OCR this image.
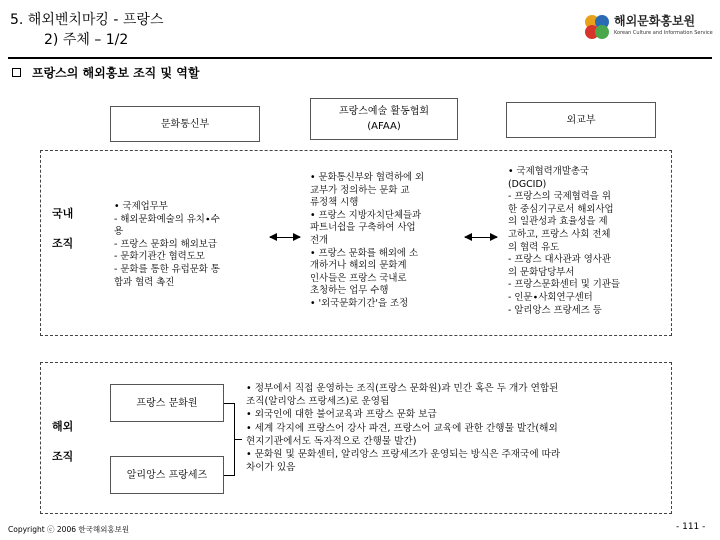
5. 해외벤치마킹 - 프랑스
2) 주체 – 1/2
해외문화홍보원
Korean Culture and Information Service
프랑스의 해외홍보 조직 및 역할
문화통신부
프랑스예술 활동협회
(AFAA)
외교부
국내
조직
• 국제업무부
- 해외문화예술의 유치∙수
용
- 프랑스 문화의 해외보급
- 문화기관간 협력도모
- 문화를 통한 유럽문화 통
합과 협력 촉진
• 문화통신부와 협력하에 외
교부가 정의하는 문화 교
류정책 시행
• 프랑스 지방자치단체들과
파트너쉽을 구축하여 사업
전개
• 프랑스 문화를 해외에 소
개하거나 해외의 문화계
인사들은 프랑스 국내로
초청하는 업무 수행
• '외국문화기간'을 조정
• 국제협력개발총국
(DGCID)
- 프랑스의 국제협력을 위
한 중심기구로서 해외사업
의 일관성과 효율성을 제
고하고, 프랑스 사회 전체
의 협력 유도
- 프랑스 대사관과 영사관
의 문화담당부서
- 프랑스문화센터 및 기관들
- 인문∙사회연구센터
- 알리앙스 프랑세즈 등
해외
조직
프랑스 문화원
알리앙스 프랑세즈
• 정부에서 직접 운영하는 조직(프랑스 문화원)과 민간 혹은 두 개가 연합된
조직(알리앙스 프랑세즈)로 운영됨
• 외국인에 대한 불어교육과 프랑스 문화 보급
• 세계 각지에 프랑스어 강사 파견, 프랑스어 교육에 관한 간행물 발간(해외
현지기관에서도 독자적으로 간행물 발간)
• 문화원 및 문화센터, 알리앙스 프랑세즈가 운영되는 방식은 주재국에 따라
차이가 있음
Copyright ⓒ 2006 한국해외홍보원	- 111 -
